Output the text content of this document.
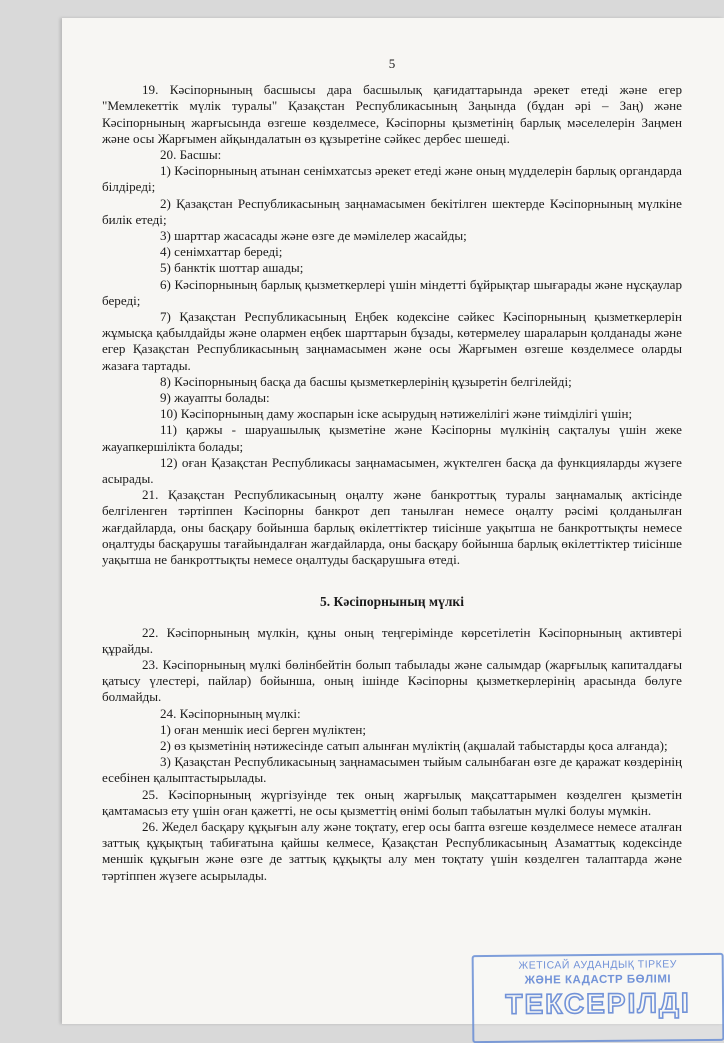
5

19. Кәсіпорнының басшысы дара басшылық қағидаттарында әрекет етеді және егер "Мемлекеттік мүлік туралы" Қазақстан Республикасының Заңында (бұдан әрі – Заң) және Кәсіпорнының жарғысында өзгеше көзделмесе, Кәсіпорны қызметінің барлық мәселелерін Заңмен және осы Жарғымен айқындалатын өз құзыретіне сәйкес дербес шешеді.

20. Басшы:

1) Кәсіпорнының атынан сенімхатсыз әрекет етеді және оның мүдделерін барлық органдарда білдіреді;

2) Қазақстан Республикасының заңнамасымен бекітілген шектерде Кәсіпорнының мүлкіне билік етеді;

3) шарттар жасасады және өзге де мәмілелер жасайды;

4) сенімхаттар береді;

5) банктік шоттар ашады;

6) Кәсіпорнының барлық қызметкерлері үшін міндетті бұйрықтар шығарады және нұсқаулар береді;

7) Қазақстан Республикасының Еңбек кодексіне сәйкес Кәсіпорнының қызметкерлерін жұмысқа қабылдайды және олармен еңбек шарттарын бұзады, көтермелеу шараларын қолданады және егер Қазақстан Республикасының заңнамасымен және осы Жарғымен өзгеше көзделмесе оларды жазаға тартады.

8) Кәсіпорнының басқа да басшы қызметкерлерінің құзыретін белгілейді;

9) жауапты болады:

10) Кәсіпорнының даму жоспарын іске асырудың нәтижелілігі және тиімділігі үшін;

11) қаржы - шаруашылық қызметіне және Кәсіпорны мүлкінің сақталуы үшін жеке жауапкершілікта болады;

12) оған Қазақстан Республикасы заңнамасымен, жүктелген басқа да функцияларды жүзеге асырады.

21. Қазақстан Республикасының оңалту және банкроттық туралы заңнамалық актісінде белгіленген тәртіппен Кәсіпорны банкрот деп танылған немесе оңалту рәсімі қолданылған жағдайларда, оны басқару бойынша барлық өкілеттіктер тиісінше уақытша не банкроттықты немесе оңалтуды басқарушы тағайындалған жағдайларда, оны басқару бойынша барлық өкілеттіктер тиісінше уақытша не банкроттықты немесе оңалтуды басқарушыға өтеді.

5. Кәсіпорнының мүлкі

22. Кәсіпорнының мүлкін, құны оның теңгерімінде көрсетілетін Кәсіпорнының активтері құрайды.

23. Кәсіпорнының мүлкі бөлінбейтін болып табылады және салымдар (жарғылық капиталдағы қатысу үлестері, пайлар) бойынша, оның ішінде Кәсіпорны қызметкерлерінің арасында бөлуге болмайды.

24. Кәсіпорнының мүлкі:

1) оған меншік иесі берген мүліктен;

2) өз қызметінің нәтижесінде сатып алынған мүліктің (ақшалай табыстарды қоса алғанда);

3) Қазақстан Республикасының заңнамасымен тыйым салынбаған өзге де қаражат көздерінің есебінен қалыптастырылады.

25. Кәсіпорнының жүргізуінде тек оның жарғылық мақсаттарымен көзделген қызметін қамтамасыз ету үшін оған қажетті, не осы қызметтің өнімі болып табылатын мүлкі болуы мүмкін.

26. Жедел басқару құқығын алу және тоқтату, егер осы бапта өзгеше көзделмесе немесе аталған заттық құқықтың табиғатына қайшы келмесе, Қазақстан Республикасының Азаматтық кодексінде меншік құқығын және өзге де заттық құқықты алу мен тоқтату үшін көзделген талаптарда және тәртіппен жүзеге асырылады.

ЖЕТІСАЙ АУДАНДЫҚ ТІРКЕУ
ЖӘНЕ КАДАСТР БӨЛІМІ
ТЕКСЕРІЛДІ
